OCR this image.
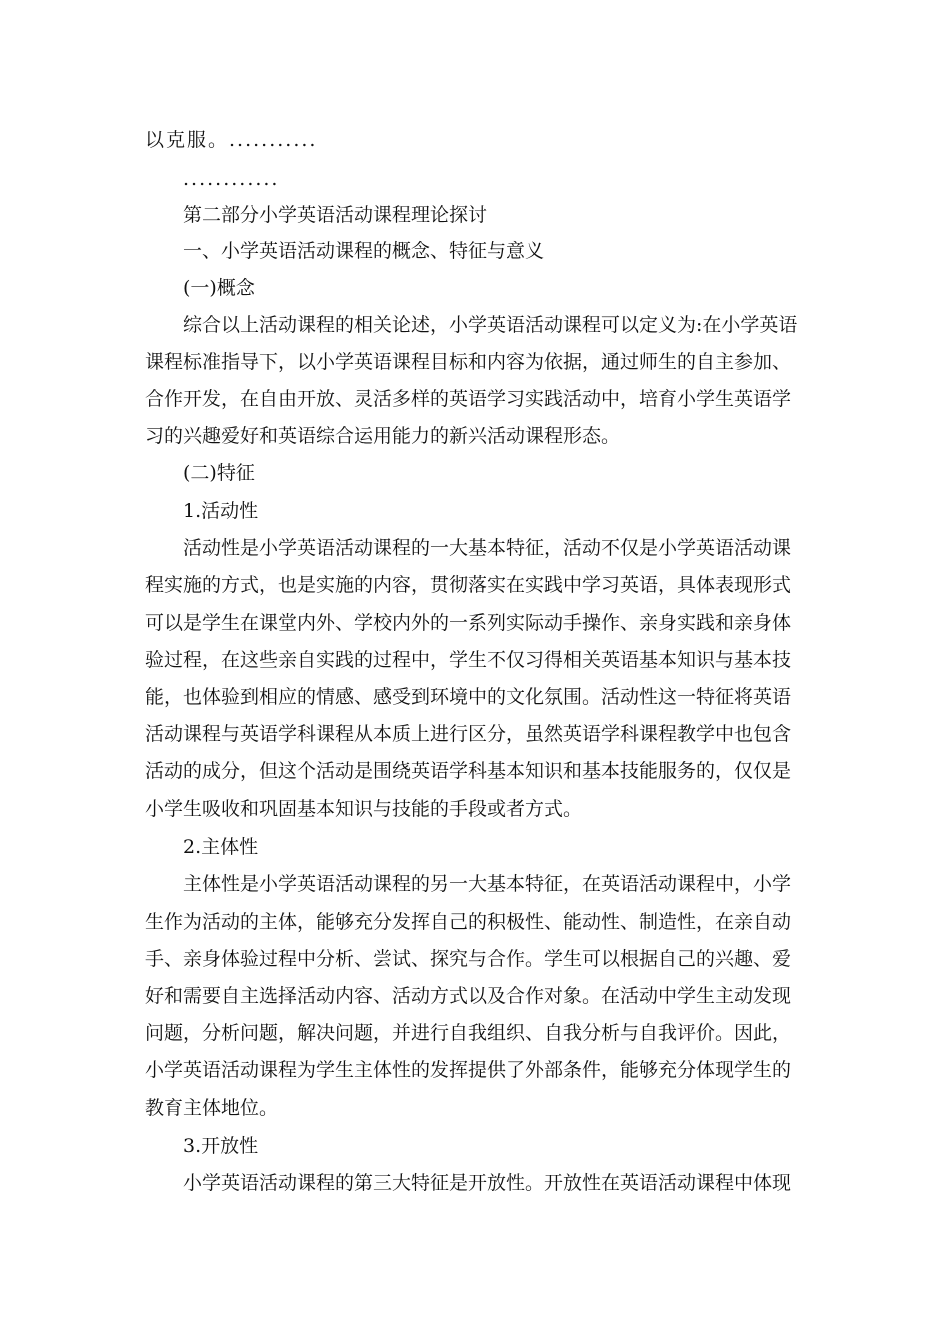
以克服。...........
............
第二部分小学英语活动课程理论探讨
一、小学英语活动课程的概念、特征与意义
(一)概念
综合以上活动课程的相关论述，小学英语活动课程可以定义为:在小学英语
课程标准指导下，以小学英语课程目标和内容为依据，通过师生的自主参加、
合作开发，在自由开放、灵活多样的英语学习实践活动中，培育小学生英语学
习的兴趣爱好和英语综合运用能力的新兴活动课程形态。
(二)特征
1.活动性
活动性是小学英语活动课程的一大基本特征，活动不仅是小学英语活动课
程实施的方式，也是实施的内容，贯彻落实在实践中学习英语，具体表现形式
可以是学生在课堂内外、学校内外的一系列实际动手操作、亲身实践和亲身体
验过程，在这些亲自实践的过程中，学生不仅习得相关英语基本知识与基本技
能，也体验到相应的情感、感受到环境中的文化氛围。活动性这一特征将英语
活动课程与英语学科课程从本质上进行区分，虽然英语学科课程教学中也包含
活动的成分，但这个活动是围绕英语学科基本知识和基本技能服务的，仅仅是
小学生吸收和巩固基本知识与技能的手段或者方式。
2.主体性
主体性是小学英语活动课程的另一大基本特征，在英语活动课程中，小学
生作为活动的主体，能够充分发挥自己的积极性、能动性、制造性，在亲自动
手、亲身体验过程中分析、尝试、探究与合作。学生可以根据自己的兴趣、爱
好和需要自主选择活动内容、活动方式以及合作对象。在活动中学生主动发现
问题，分析问题，解决问题，并进行自我组织、自我分析与自我评价。因此，
小学英语活动课程为学生主体性的发挥提供了外部条件，能够充分体现学生的
教育主体地位。
3.开放性
小学英语活动课程的第三大特征是开放性。开放性在英语活动课程中体现
